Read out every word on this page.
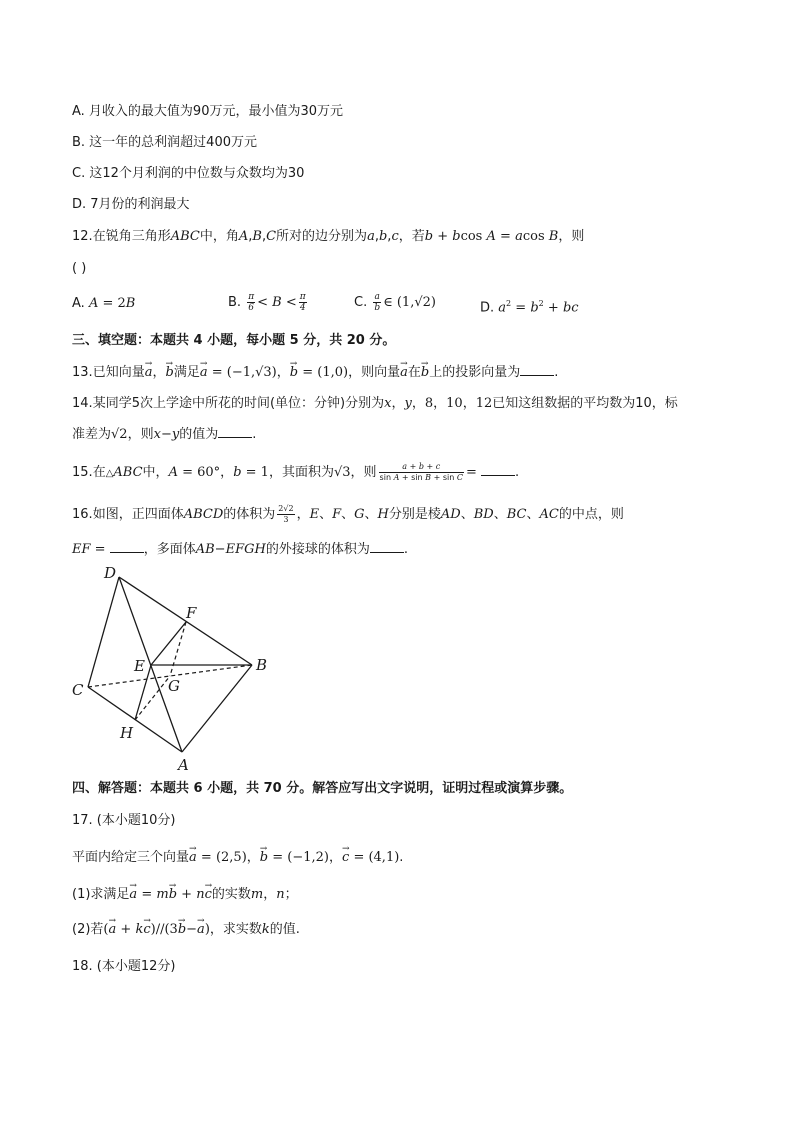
A. 月收入的最大值为90万元，最小值为30万元
B. 这一年的总利润超过400万元
C. 这12个月利润的中位数与众数均为30
D. 7月份的利润最大
12.在锐角三角形ABC中，角A,B,C所对的边分别为a,b,c，若b + bcos A = acos B，则
( )
A. A = 2B	B. $\frac{\pi}{6} < B < \frac{\pi}{4}$	C. $\frac{a}{b}$ ∈ (1,√2)	D. $a^2 = b^2$ + bc
三、填空题：本题共 4 小题，每小题 5 分，共 20 分。
13.已知向量→ a，→ b满足→ a = (−1,√3)，→ b = (1,0)，则向量→ a在→ b上的投影向量为	.
14.某同学5次上学途中所花的时间(单位：分钟)分别为x，y，8，10，12已知这组数据的平均数为10，标
准差为√2，则x−y的值为	.
15.在△ABC中，A = 60°，b = 1，其面积为√3，则 $\frac{a + b + c}{\text{sin A + sin B + sin C}}$ =	.
16.如图，正四面体ABCD的体积为 $\frac{2√2}{3}$ ，E、F、G、H分别是棱AD、BD、BC、AC的中点，则
EF =	，多面体AB−EFGH的外接球的体积为	.
D
F
E	B
G
C
H
A
四、解答题：本题共 6 小题，共 70 分。解答应写出文字说明，证明过程或演算步骤。
17. (本小题10分)
平面内给定三个向量→ a = (2,5)，→ b = (−1,2)，→ c = (4,1).
(1)求满足→ a = m→ b + n→ c的实数m，n；
(2)若(→ a + k→ c)//(3→ b−→ a)，求实数k的值.
18. (本小题12分)
